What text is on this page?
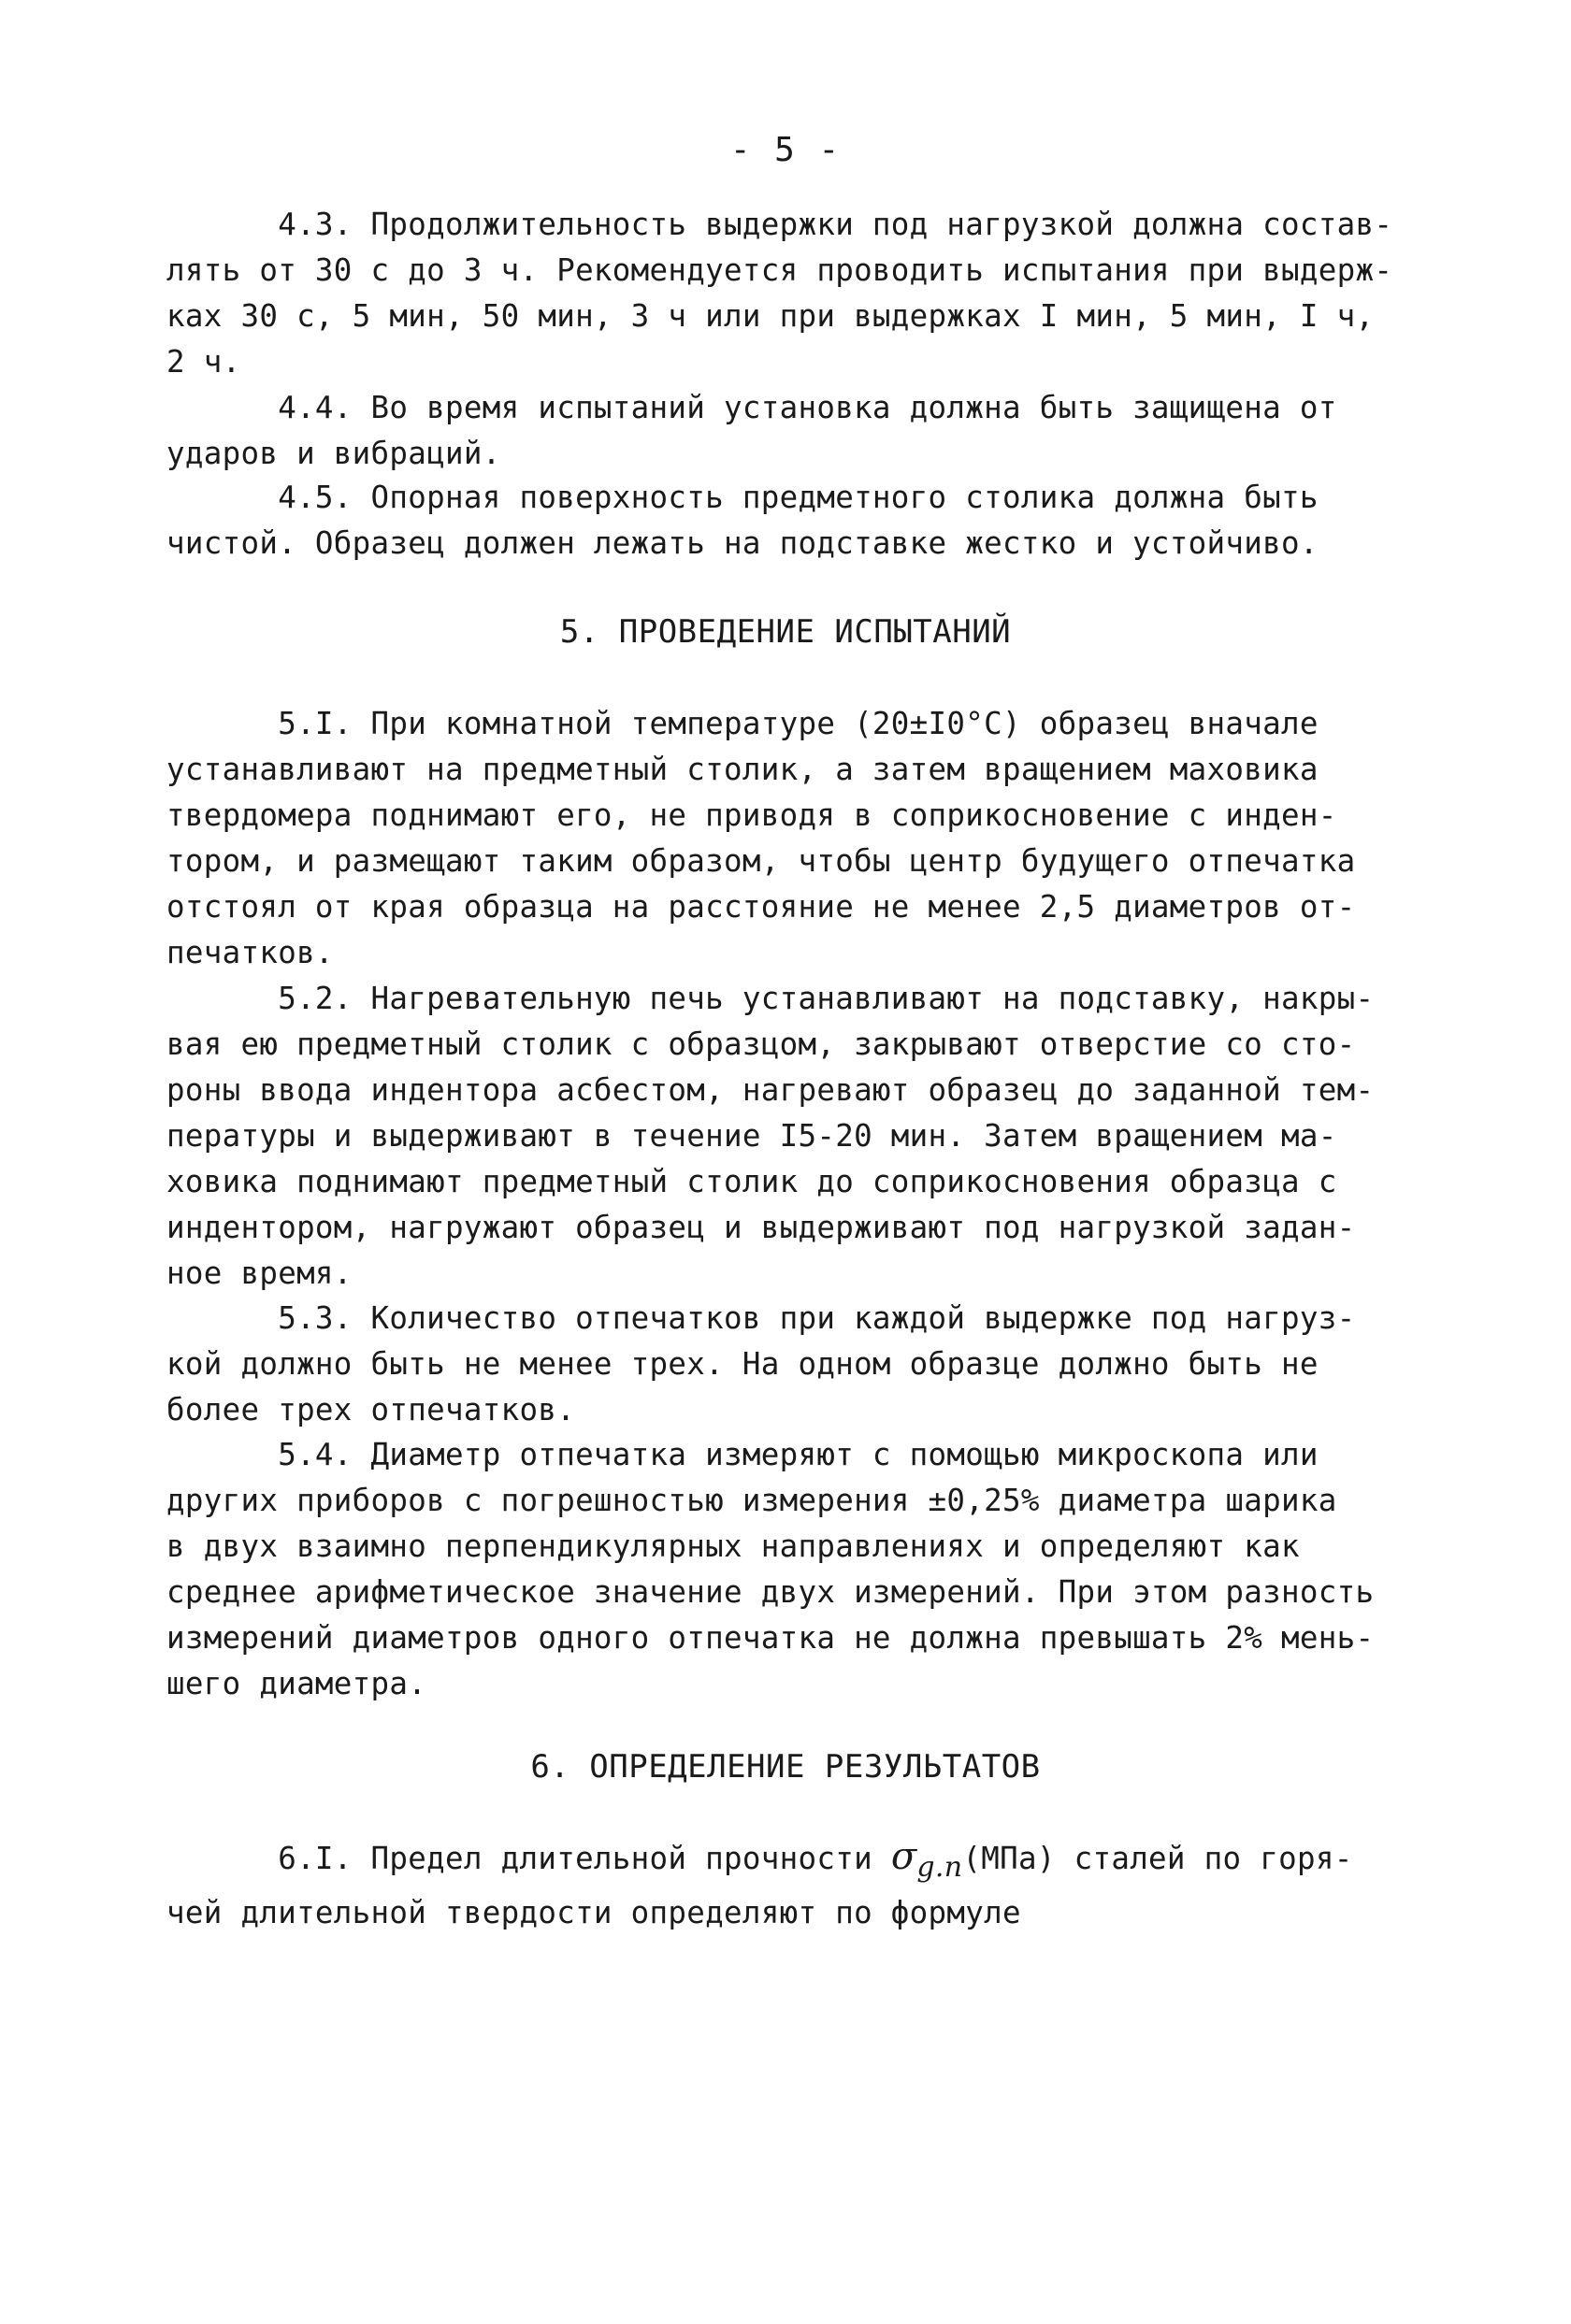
- 5 -
4.3. Продолжительность выдержки под нагрузкой должна состав-
лять от 30 с до 3 ч. Рекомендуется проводить испытания при выдерж-
ках 30 с, 5 мин, 50 мин, 3 ч или при выдержках I мин, 5 мин, I ч,
2 ч.
4.4. Во время испытаний установка должна быть защищена от
ударов и вибраций.
4.5. Опорная поверхность предметного столика должна быть
чистой. Образец должен лежать на подставке жестко и устойчиво.
5. ПРОВЕДЕНИЕ ИСПЫТАНИЙ
5.I. При комнатной температуре (20±I0°C) образец вначале
устанавливают на предметный столик, а затем вращением маховика
твердомера поднимают его, не приводя в соприкосновение с инден-
тором, и размещают таким образом, чтобы центр будущего отпечатка
отстоял от края образца на расстояние не менее 2,5 диаметров от-
печатков.
5.2. Нагревательную печь устанавливают на подставку, накры-
вая ею предметный столик с образцом, закрывают отверстие со сто-
роны ввода индентора асбестом, нагревают образец до заданной тем-
пературы и выдерживают в течение I5-20 мин. Затем вращением ма-
ховика поднимают предметный столик до соприкосновения образца с
индентором, нагружают образец и выдерживают под нагрузкой задан-
ное время.
5.3. Количество отпечатков при каждой выдержке под нагруз-
кой должно быть не менее трех. На одном образце должно быть не
более трех отпечатков.
5.4. Диаметр отпечатка измеряют с помощью микроскопа или
других приборов с погрешностью измерения ±0,25% диаметра шарика
в двух взаимно перпендикулярных направлениях и определяют как
среднее арифметическое значение двух измерений. При этом разность
измерений диаметров одного отпечатка не должна превышать 2% мень-
шего диаметра.
6. ОПРЕДЕЛЕНИЕ РЕЗУЛЬТАТОВ
6.I. Предел длительной прочности σg.n(МПа) сталей по горя-
чей длительной твердости определяют по формуле
